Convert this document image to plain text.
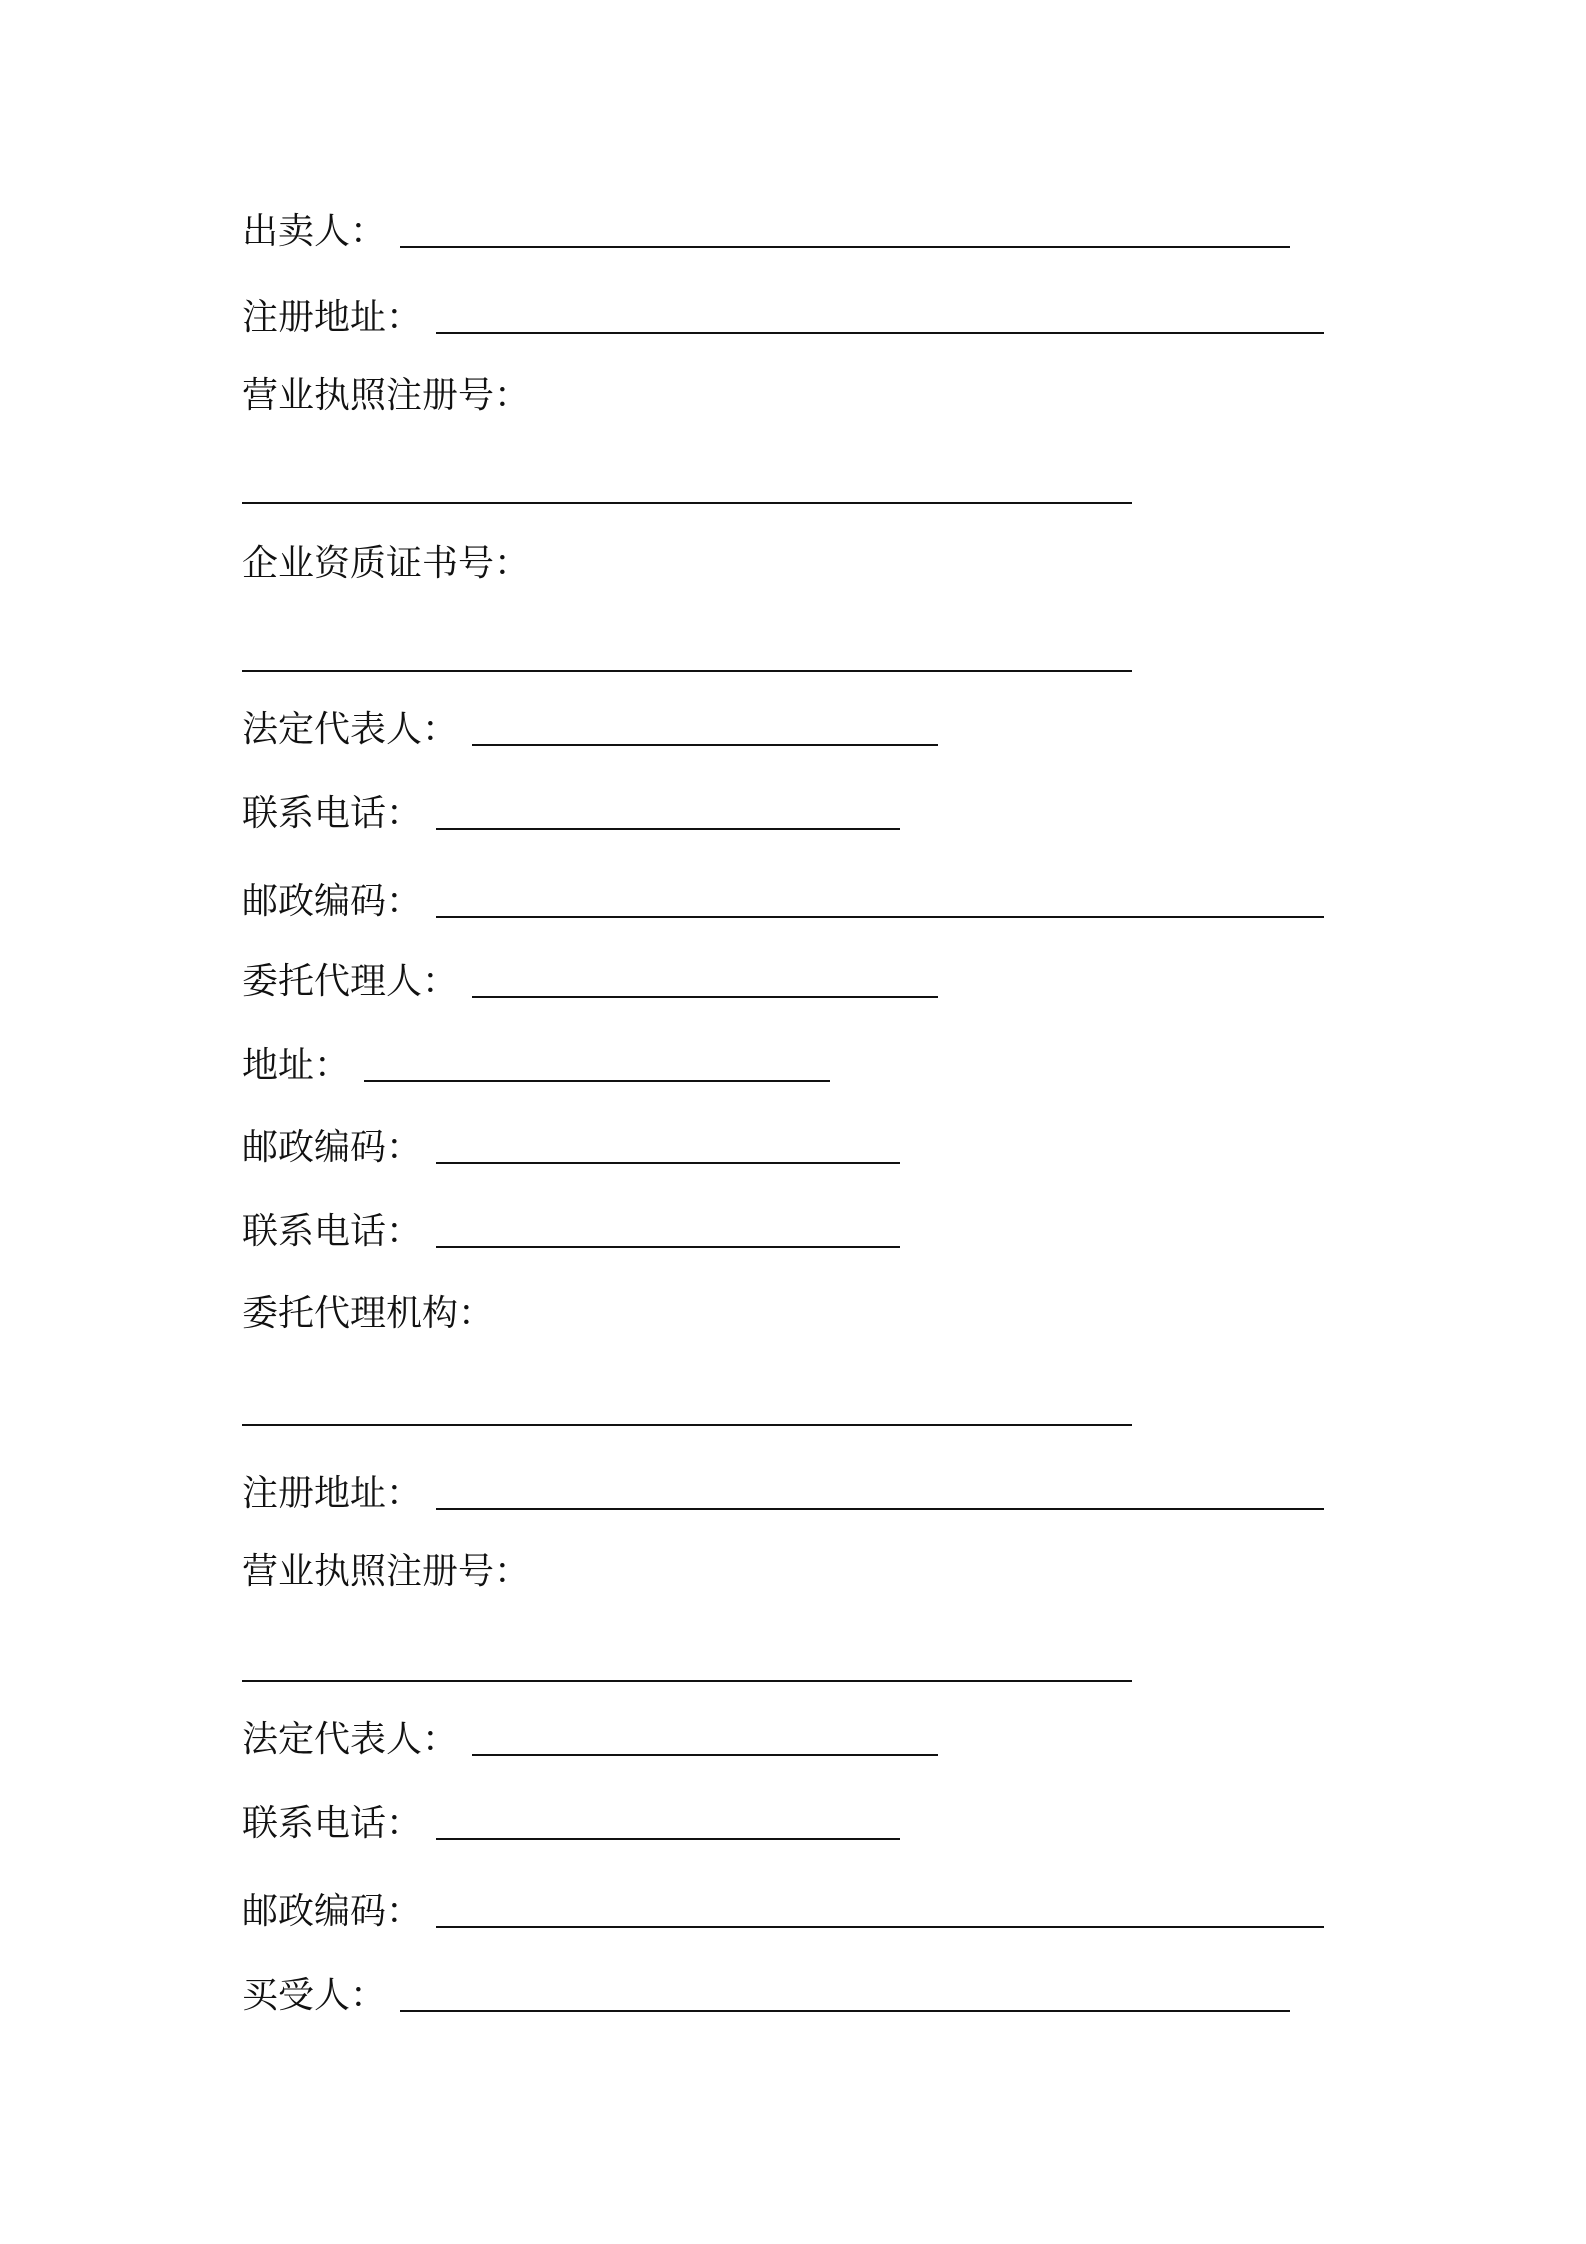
出卖人：
注册地址：
营业执照注册号：
企业资质证书号：
法定代表人：
联系电话：
邮政编码：
委托代理人：
地址：
邮政编码：
联系电话：
委托代理机构：
注册地址：
营业执照注册号：
法定代表人：
联系电话：
邮政编码：
买受人：
